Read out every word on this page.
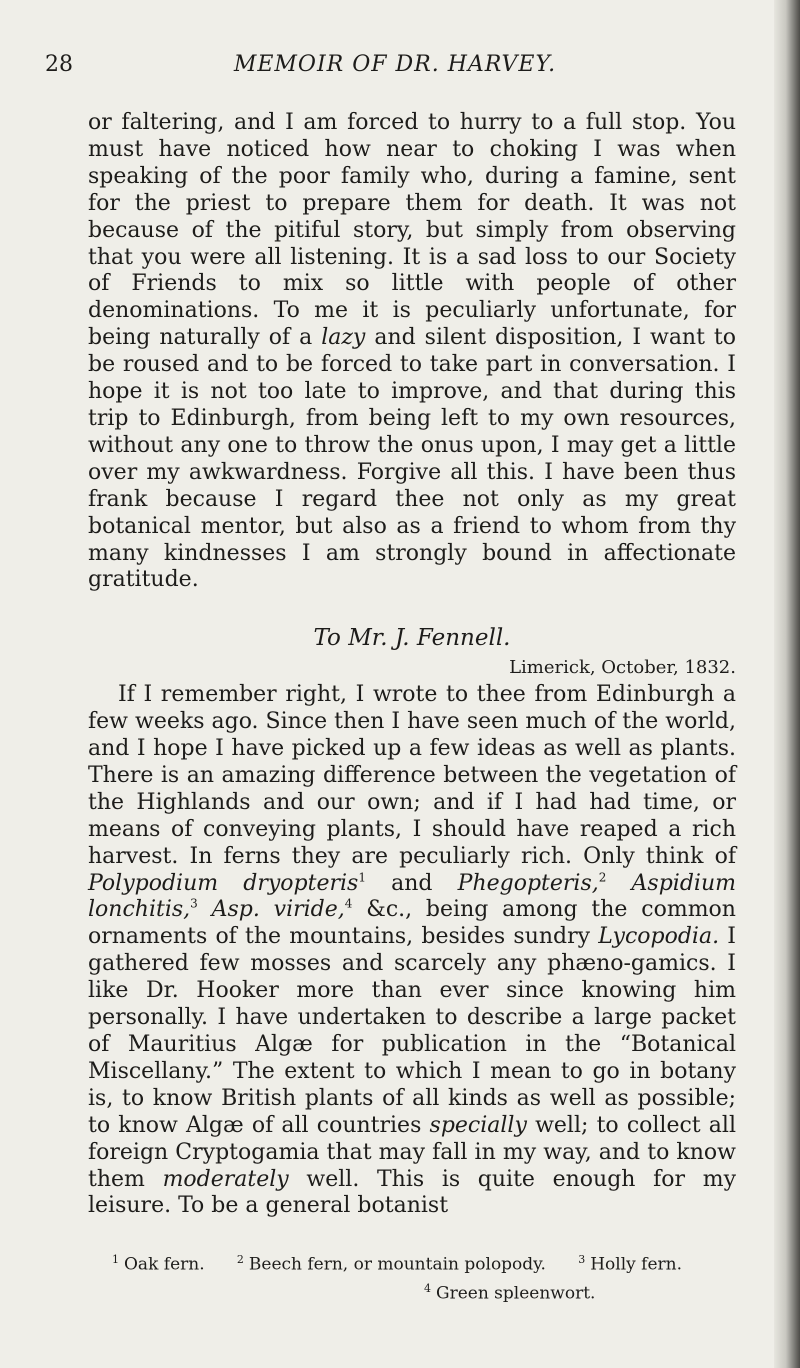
28	MEMOIR OF DR. HARVEY.

or faltering, and I am forced to hurry to a full stop. You must have noticed how near to choking I was when speaking of the poor family who, during a famine, sent for the priest to prepare them for death. It was not because of the pitiful story, but simply from observing that you were all listening. It is a sad loss to our Society of Friends to mix so little with people of other denominations. To me it is peculiarly unfortunate, for being naturally of a lazy and silent disposition, I want to be roused and to be forced to take part in conversation. I hope it is not too late to improve, and that during this trip to Edinburgh, from being left to my own resources, without any one to throw the onus upon, I may get a little over my awkwardness. Forgive all this. I have been thus frank because I regard thee not only as my great botanical mentor, but also as a friend to whom from thy many kindnesses I am strongly bound in affectionate gratitude.

To Mr. J. Fennell.

Limerick, October, 1832.

If I remember right, I wrote to thee from Edinburgh a few weeks ago. Since then I have seen much of the world, and I hope I have picked up a few ideas as well as plants. There is an amazing difference between the vegetation of the Highlands and our own; and if I had had time, or means of conveying plants, I should have reaped a rich harvest. In ferns they are peculiarly rich. Only think of Polypodium dryopteris$^1$ and Phegopteris,$^2$ Aspidium lonchitis,$^3$ Asp. viride,$^4$ &c., being among the common ornaments of the mountains, besides sundry Lycopodia. I gathered few mosses and scarcely any phæno-gamics. I like Dr. Hooker more than ever since knowing him personally. I have undertaken to describe a large packet of Mauritius Algæ for publication in the “Botanical Miscellany.” The extent to which I mean to go in botany is, to know British plants of all kinds as well as possible; to know Algæ of all countries specially well; to collect all foreign Cryptogamia that may fall in my way, and to know them moderately well. This is quite enough for my leisure. To be a general botanist

$^1$ Oak fern.	$^2$ Beech fern, or mountain polopody.	$^3$ Holly fern.
$^4$ Green spleenwort.
